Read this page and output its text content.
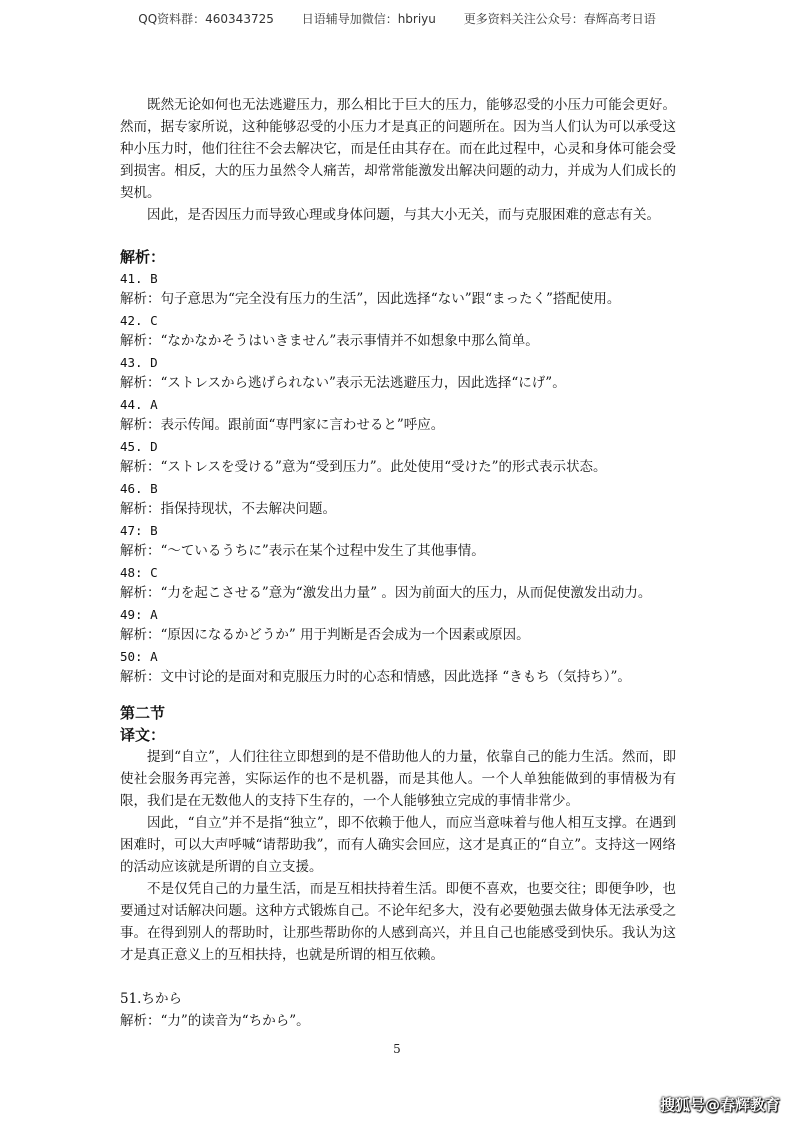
QQ资料群：460343725 日语辅导加微信：hbriyu 更多资料关注公众号：春辉高考日语

既然无论如何也无法逃避压力，那么相比于巨大的压力，能够忍受的小压力可能会更好。然而，据专家所说，这种能够忍受的小压力才是真正的问题所在。因为当人们认为可以承受这种小压力时，他们往往不会去解决它，而是任由其存在。而在此过程中，心灵和身体可能会受到损害。相反，大的压力虽然令人痛苦，却常常能激发出解决问题的动力，并成为人们成长的契机。

因此，是否因压力而导致心理或身体问题，与其大小无关，而与克服困难的意志有关。

解析：

41. B

解析：句子意思为“完全没有压力的生活”，因此选择“ない”跟“まったく”搭配使用。

42. C

解析：“なかなかそうはいきません”表示事情并不如想象中那么简单。

43. D

解析：“ストレスから逃げられない”表示无法逃避压力，因此选择“にげ”。

44. A

解析：表示传闻。跟前面“専門家に言わせると”呼应。

45. D

解析：“ストレスを受ける”意为“受到压力”。此处使用“受けた”的形式表示状态。

46. B

解析：指保持现状，不去解决问题。

47: B

解析：“～ているうちに”表示在某个过程中发生了其他事情。

48: C

解析：“力を起こさせる”意为“激发出力量” 。因为前面大的压力，从而促使激发出动力。

49: A

解析：“原因になるかどうか” 用于判断是否会成为一个因素或原因。

50: A

解析：文中讨论的是面对和克服压力时的心态和情感，因此选择 “きもち（気持ち）”。

第二节

译文：

提到“自立”，人们往往立即想到的是不借助他人的力量，依靠自己的能力生活。然而，即使社会服务再完善，实际运作的也不是机器，而是其他人。一个人单独能做到的事情极为有限，我们是在无数他人的支持下生存的，一个人能够独立完成的事情非常少。

因此，“自立”并不是指“独立”，即不依赖于他人，而应当意味着与他人相互支撑。在遇到困难时，可以大声呼喊“请帮助我”，而有人确实会回应，这才是真正的“自立”。支持这一网络的活动应该就是所谓的自立支援。

不是仅凭自己的力量生活，而是互相扶持着生活。即便不喜欢，也要交往；即便争吵，也要通过对话解决问题。这种方式锻炼自己。不论年纪多大，没有必要勉强去做身体无法承受之事。在得到别人的帮助时，让那些帮助你的人感到高兴，并且自己也能感受到快乐。我认为这才是真正意义上的互相扶持，也就是所谓的相互依赖。

51.ちから

解析：“力”的读音为“ちから”。

5
搜狐号@春辉教育
